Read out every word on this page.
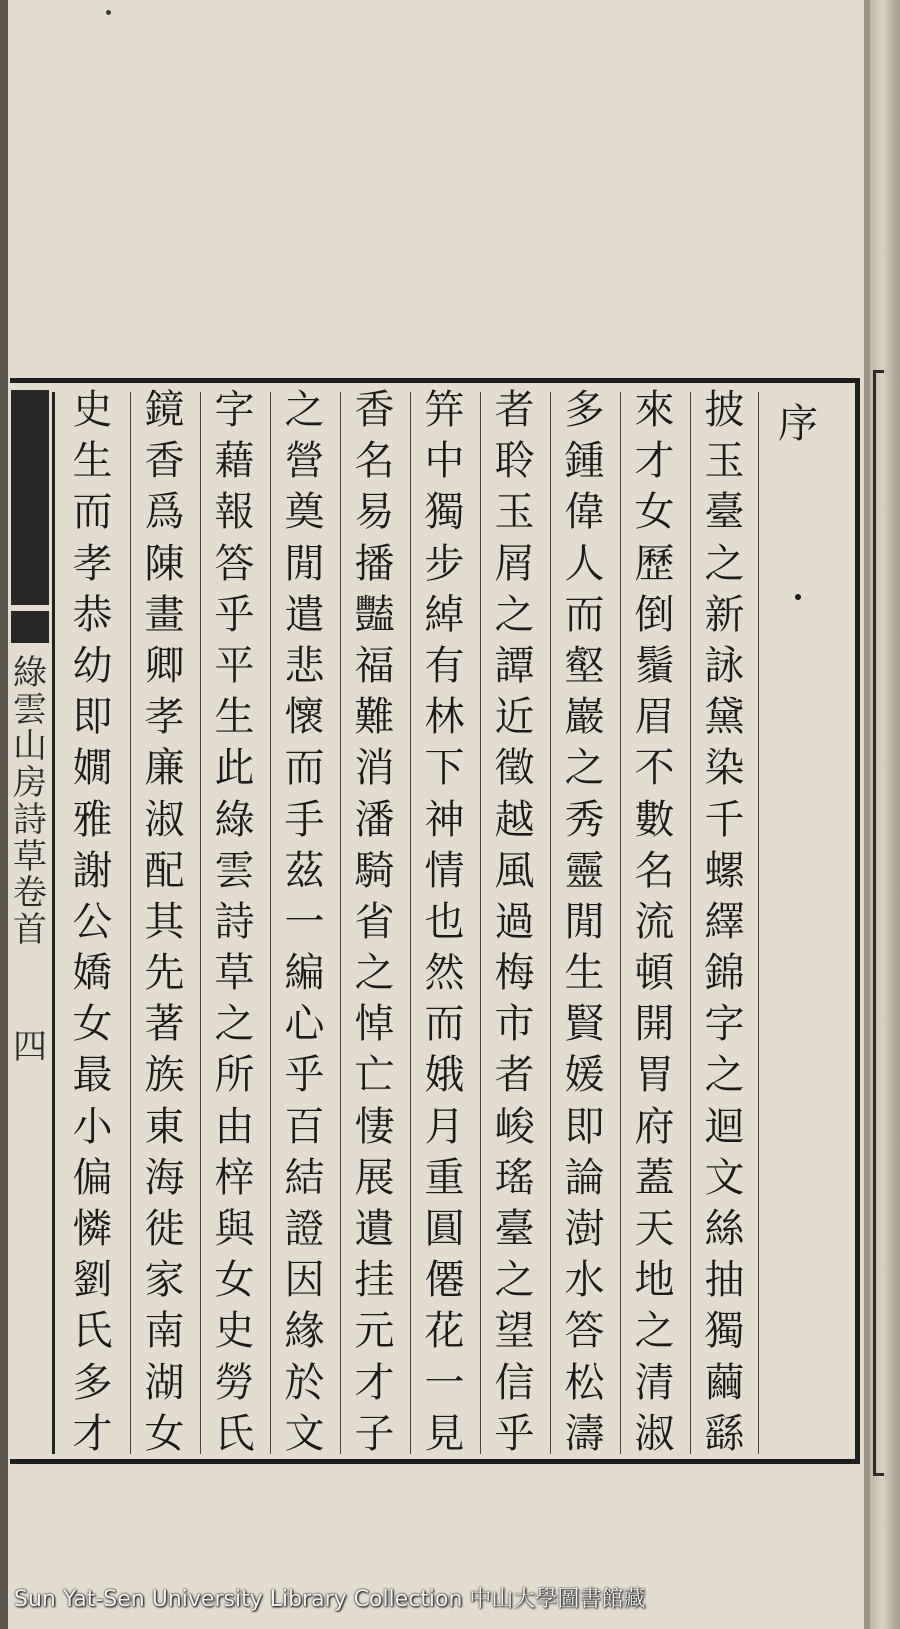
序
披
玉
臺
之
新
詠
黛
染
千
螺
繹
錦
字
之
迴
文
絲
抽
獨
繭
繇
來
才
女
歷
倒
鬚
眉
不
數
名
流
頓
開
胃
府
蓋
天
地
之
清
淑
多
鍾
偉
人
而
壑
巖
之
秀
靈
閒
生
賢
媛
即
論
澍
水
答
松
濤
者
聆
玉
屑
之
譚
近
徵
越
風
過
梅
市
者
峻
瑤
臺
之
望
信
乎
笄
中
獨
步
綽
有
林
下
神
情
也
然
而
娥
月
重
圓
僊
花
一
見
香
名
易
播
豔
福
難
消
潘
騎
省
之
悼
亡
悽
展
遺
挂
元
才
子
之
營
奠
閒
遣
悲
懷
而
手
茲
一
編
心
乎
百
結
證
因
緣
於
文
字
藉
報
答
乎
平
生
此
綠
雲
詩
草
之
所
由
梓
與
女
史
勞
氏
鏡
香
爲
陳
畫
卿
孝
廉
淑
配
其
先
著
族
東
海
徙
家
南
湖
女
史
生
而
孝
恭
幼
即
嫺
雅
謝
公
嬌
女
最
小
偏
憐
劉
氏
多
才
綠
雲
山
房
詩
草
卷
首
四
Sun Yat-Sen University Library Collection 中山大學圖書館藏
